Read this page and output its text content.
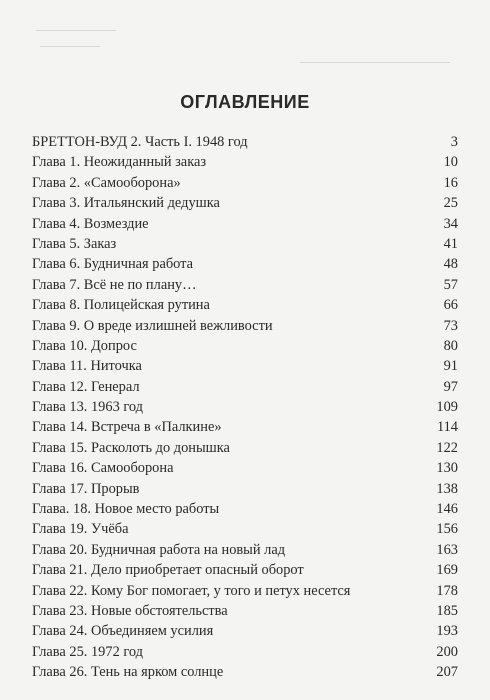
ОГЛАВЛЕНИЕ
БРЕТТОН-ВУД 2. Часть I. 1948 год	3
Глава 1. Неожиданный заказ	10
Глава 2. «Самооборона»	16
Глава 3. Итальянский дедушка	25
Глава 4. Возмездие	34
Глава 5. Заказ	41
Глава 6. Будничная работа	48
Глава 7. Всё не по плану…	57
Глава 8. Полицейская рутина	66
Глава 9. О вреде излишней вежливости	73
Глава 10. Допрос	80
Глава 11. Ниточка	91
Глава 12. Генерал	97
Глава 13. 1963 год	109
Глава 14. Встреча в «Палкине»	114
Глава 15. Расколоть до донышка	122
Глава 16. Самооборона	130
Глава 17. Прорыв	138
Глава. 18. Новое место работы	146
Глава 19. Учёба	156
Глава 20. Будничная работа на новый лад	163
Глава 21. Дело приобретает опасный оборот	169
Глава 22. Кому Бог помогает, у того и петух несется	178
Глава 23. Новые обстоятельства	185
Глава 24. Объединяем усилия	193
Глава 25. 1972 год	200
Глава 26. Тень на ярком солнце	207
